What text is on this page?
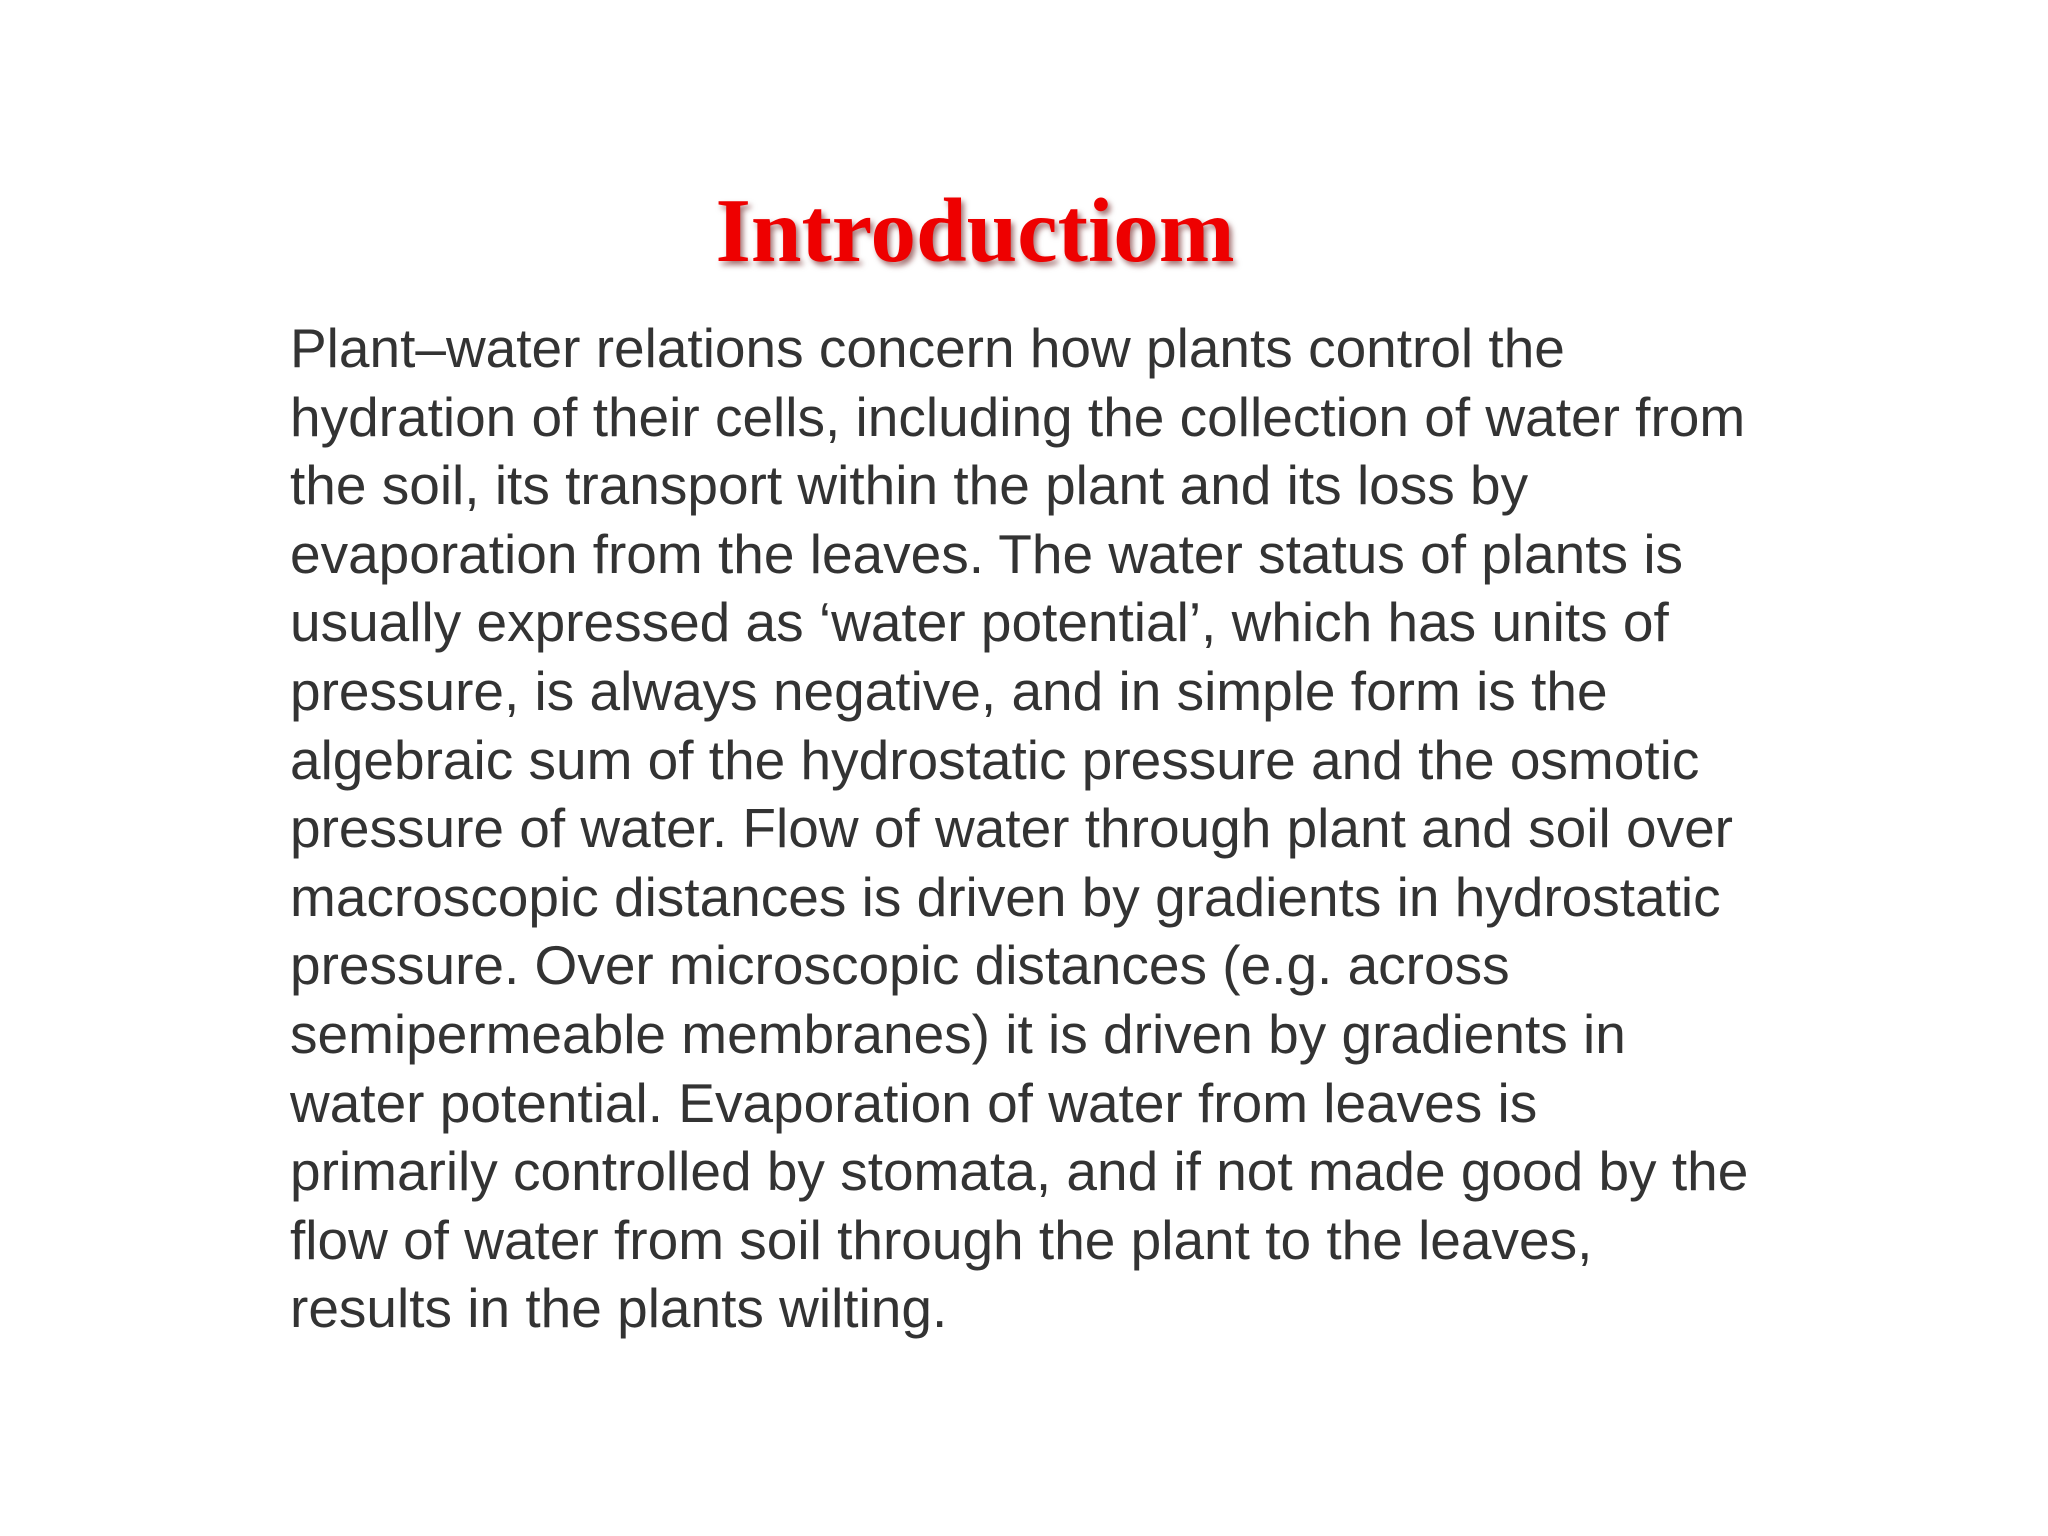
Introductiom

Plant–water relations concern how plants control the
hydration of their cells, including the collection of water from
the soil, its transport within the plant and its loss by
evaporation from the leaves. The water status of plants is
usually expressed as ‘water potential’, which has units of
pressure, is always negative, and in simple form is the
algebraic sum of the hydrostatic pressure and the osmotic
pressure of water. Flow of water through plant and soil over
macroscopic distances is driven by gradients in hydrostatic
pressure. Over microscopic distances (e.g. across
semipermeable membranes) it is driven by gradients in
water potential. Evaporation of water from leaves is
primarily controlled by stomata, and if not made good by the
flow of water from soil through the plant to the leaves,
results in the plants wilting.
